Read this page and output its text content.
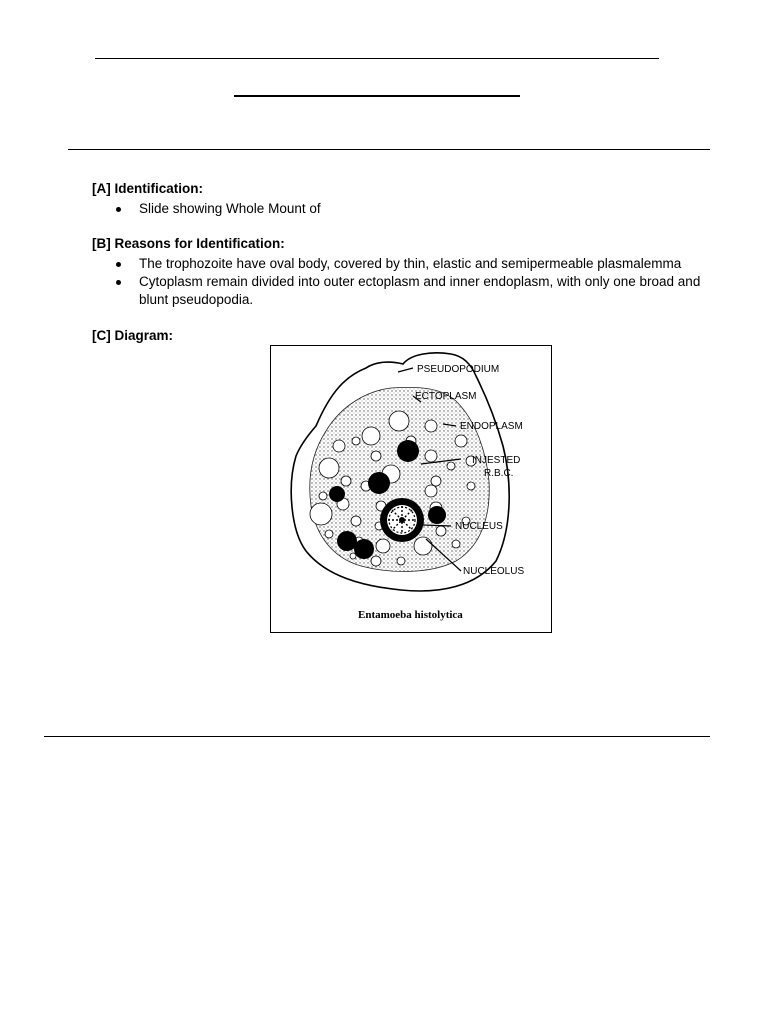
[A] Identification:
Slide showing Whole Mount of
[B] Reasons for Identification:
The trophozoite have oval body, covered by thin, elastic and semipermeable plasmalemma
Cytoplasm remain divided into outer ectoplasm and inner endoplasm, with only one broad and blunt pseudopodia.
[C] Diagram:
PSEUDOPODIUM
ECTOPLASM
ENDOPLASM
INJESTED
R.B.C.
NUCLEUS
NUCLEOLUS
Entamoeba histolytica
